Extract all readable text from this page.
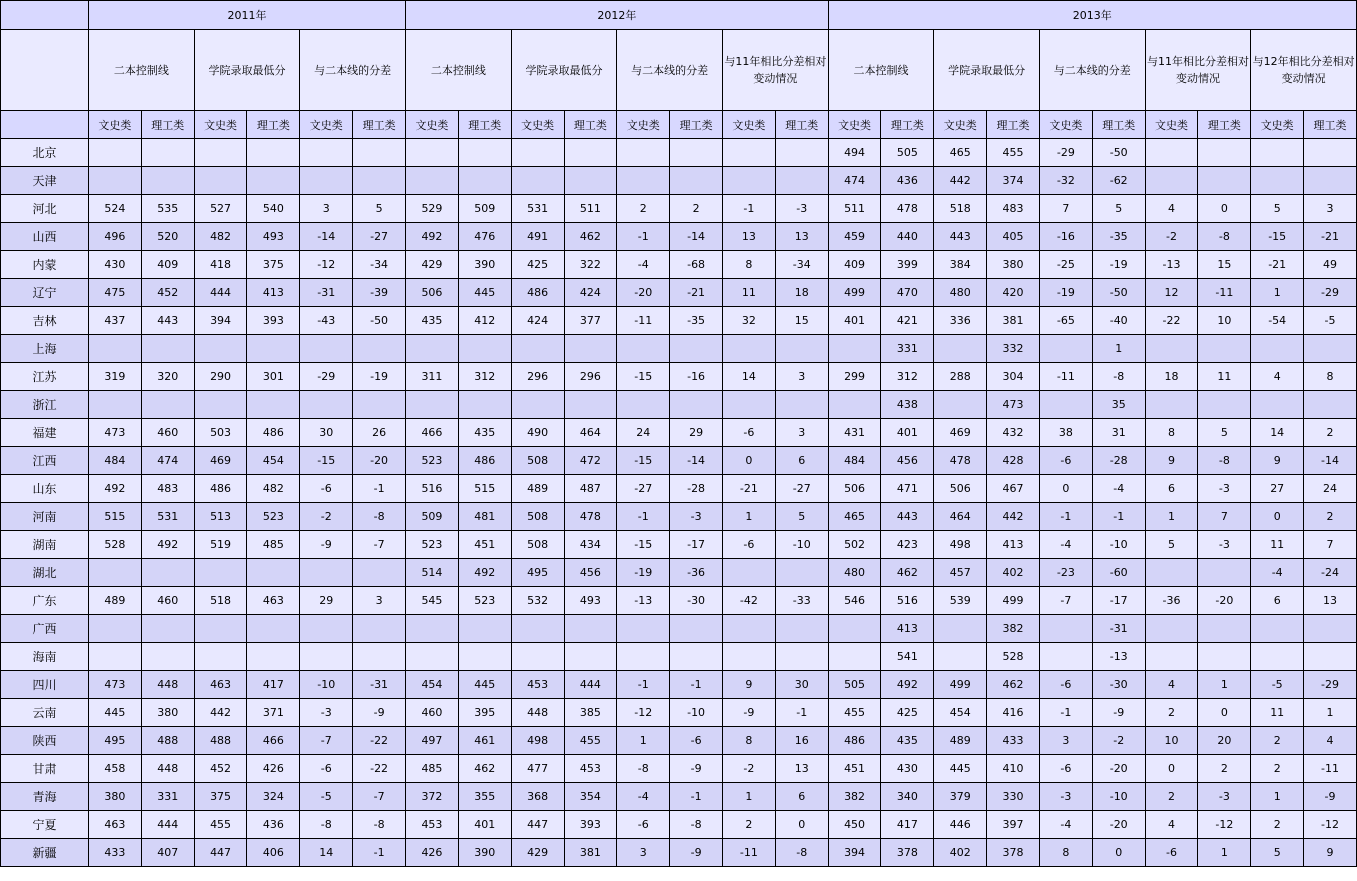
	2011年						2012年								2013年									
	二本控制线		学院录取最低分		与二本线的分差		二本控制线		学院录取最低分		与二本线的分差		与11年相比分差相对变动情况		二本控制线		学院录取最低分		与二本线的分差		与11年相比分差相对变动情况		与12年相比分差相对变动情况	
	文史类	理工类	文史类	理工类	文史类	理工类	文史类	理工类	文史类	理工类	文史类	理工类	文史类	理工类	文史类	理工类	文史类	理工类	文史类	理工类	文史类	理工类	文史类	理工类
北京															494	505	465	455	-29	-50				
天津															474	436	442	374	-32	-62				
河北	524	535	527	540	3	5	529	509	531	511	2	2	-1	-3	511	478	518	483	7	5	4	0	5	3
山西	496	520	482	493	-14	-27	492	476	491	462	-1	-14	13	13	459	440	443	405	-16	-35	-2	-8	-15	-21
内蒙	430	409	418	375	-12	-34	429	390	425	322	-4	-68	8	-34	409	399	384	380	-25	-19	-13	15	-21	49
辽宁	475	452	444	413	-31	-39	506	445	486	424	-20	-21	11	18	499	470	480	420	-19	-50	12	-11	1	-29
吉林	437	443	394	393	-43	-50	435	412	424	377	-11	-35	32	15	401	421	336	381	-65	-40	-22	10	-54	-5
上海																331		332		1				
江苏	319	320	290	301	-29	-19	311	312	296	296	-15	-16	14	3	299	312	288	304	-11	-8	18	11	4	8
浙江																438		473		35				
福建	473	460	503	486	30	26	466	435	490	464	24	29	-6	3	431	401	469	432	38	31	8	5	14	2
江西	484	474	469	454	-15	-20	523	486	508	472	-15	-14	0	6	484	456	478	428	-6	-28	9	-8	9	-14
山东	492	483	486	482	-6	-1	516	515	489	487	-27	-28	-21	-27	506	471	506	467	0	-4	6	-3	27	24
河南	515	531	513	523	-2	-8	509	481	508	478	-1	-3	1	5	465	443	464	442	-1	-1	1	7	0	2
湖南	528	492	519	485	-9	-7	523	451	508	434	-15	-17	-6	-10	502	423	498	413	-4	-10	5	-3	11	7
湖北							514	492	495	456	-19	-36			480	462	457	402	-23	-60			-4	-24
广东	489	460	518	463	29	3	545	523	532	493	-13	-30	-42	-33	546	516	539	499	-7	-17	-36	-20	6	13
广西																413		382		-31				
海南																541		528		-13				
四川	473	448	463	417	-10	-31	454	445	453	444	-1	-1	9	30	505	492	499	462	-6	-30	4	1	-5	-29
云南	445	380	442	371	-3	-9	460	395	448	385	-12	-10	-9	-1	455	425	454	416	-1	-9	2	0	11	1
陕西	495	488	488	466	-7	-22	497	461	498	455	1	-6	8	16	486	435	489	433	3	-2	10	20	2	4
甘肃	458	448	452	426	-6	-22	485	462	477	453	-8	-9	-2	13	451	430	445	410	-6	-20	0	2	2	-11
青海	380	331	375	324	-5	-7	372	355	368	354	-4	-1	1	6	382	340	379	330	-3	-10	2	-3	1	-9
宁夏	463	444	455	436	-8	-8	453	401	447	393	-6	-8	2	0	450	417	446	397	-4	-20	4	-12	2	-12
新疆	433	407	447	406	14	-1	426	390	429	381	3	-9	-11	-8	394	378	402	378	8	0	-6	1	5	9
